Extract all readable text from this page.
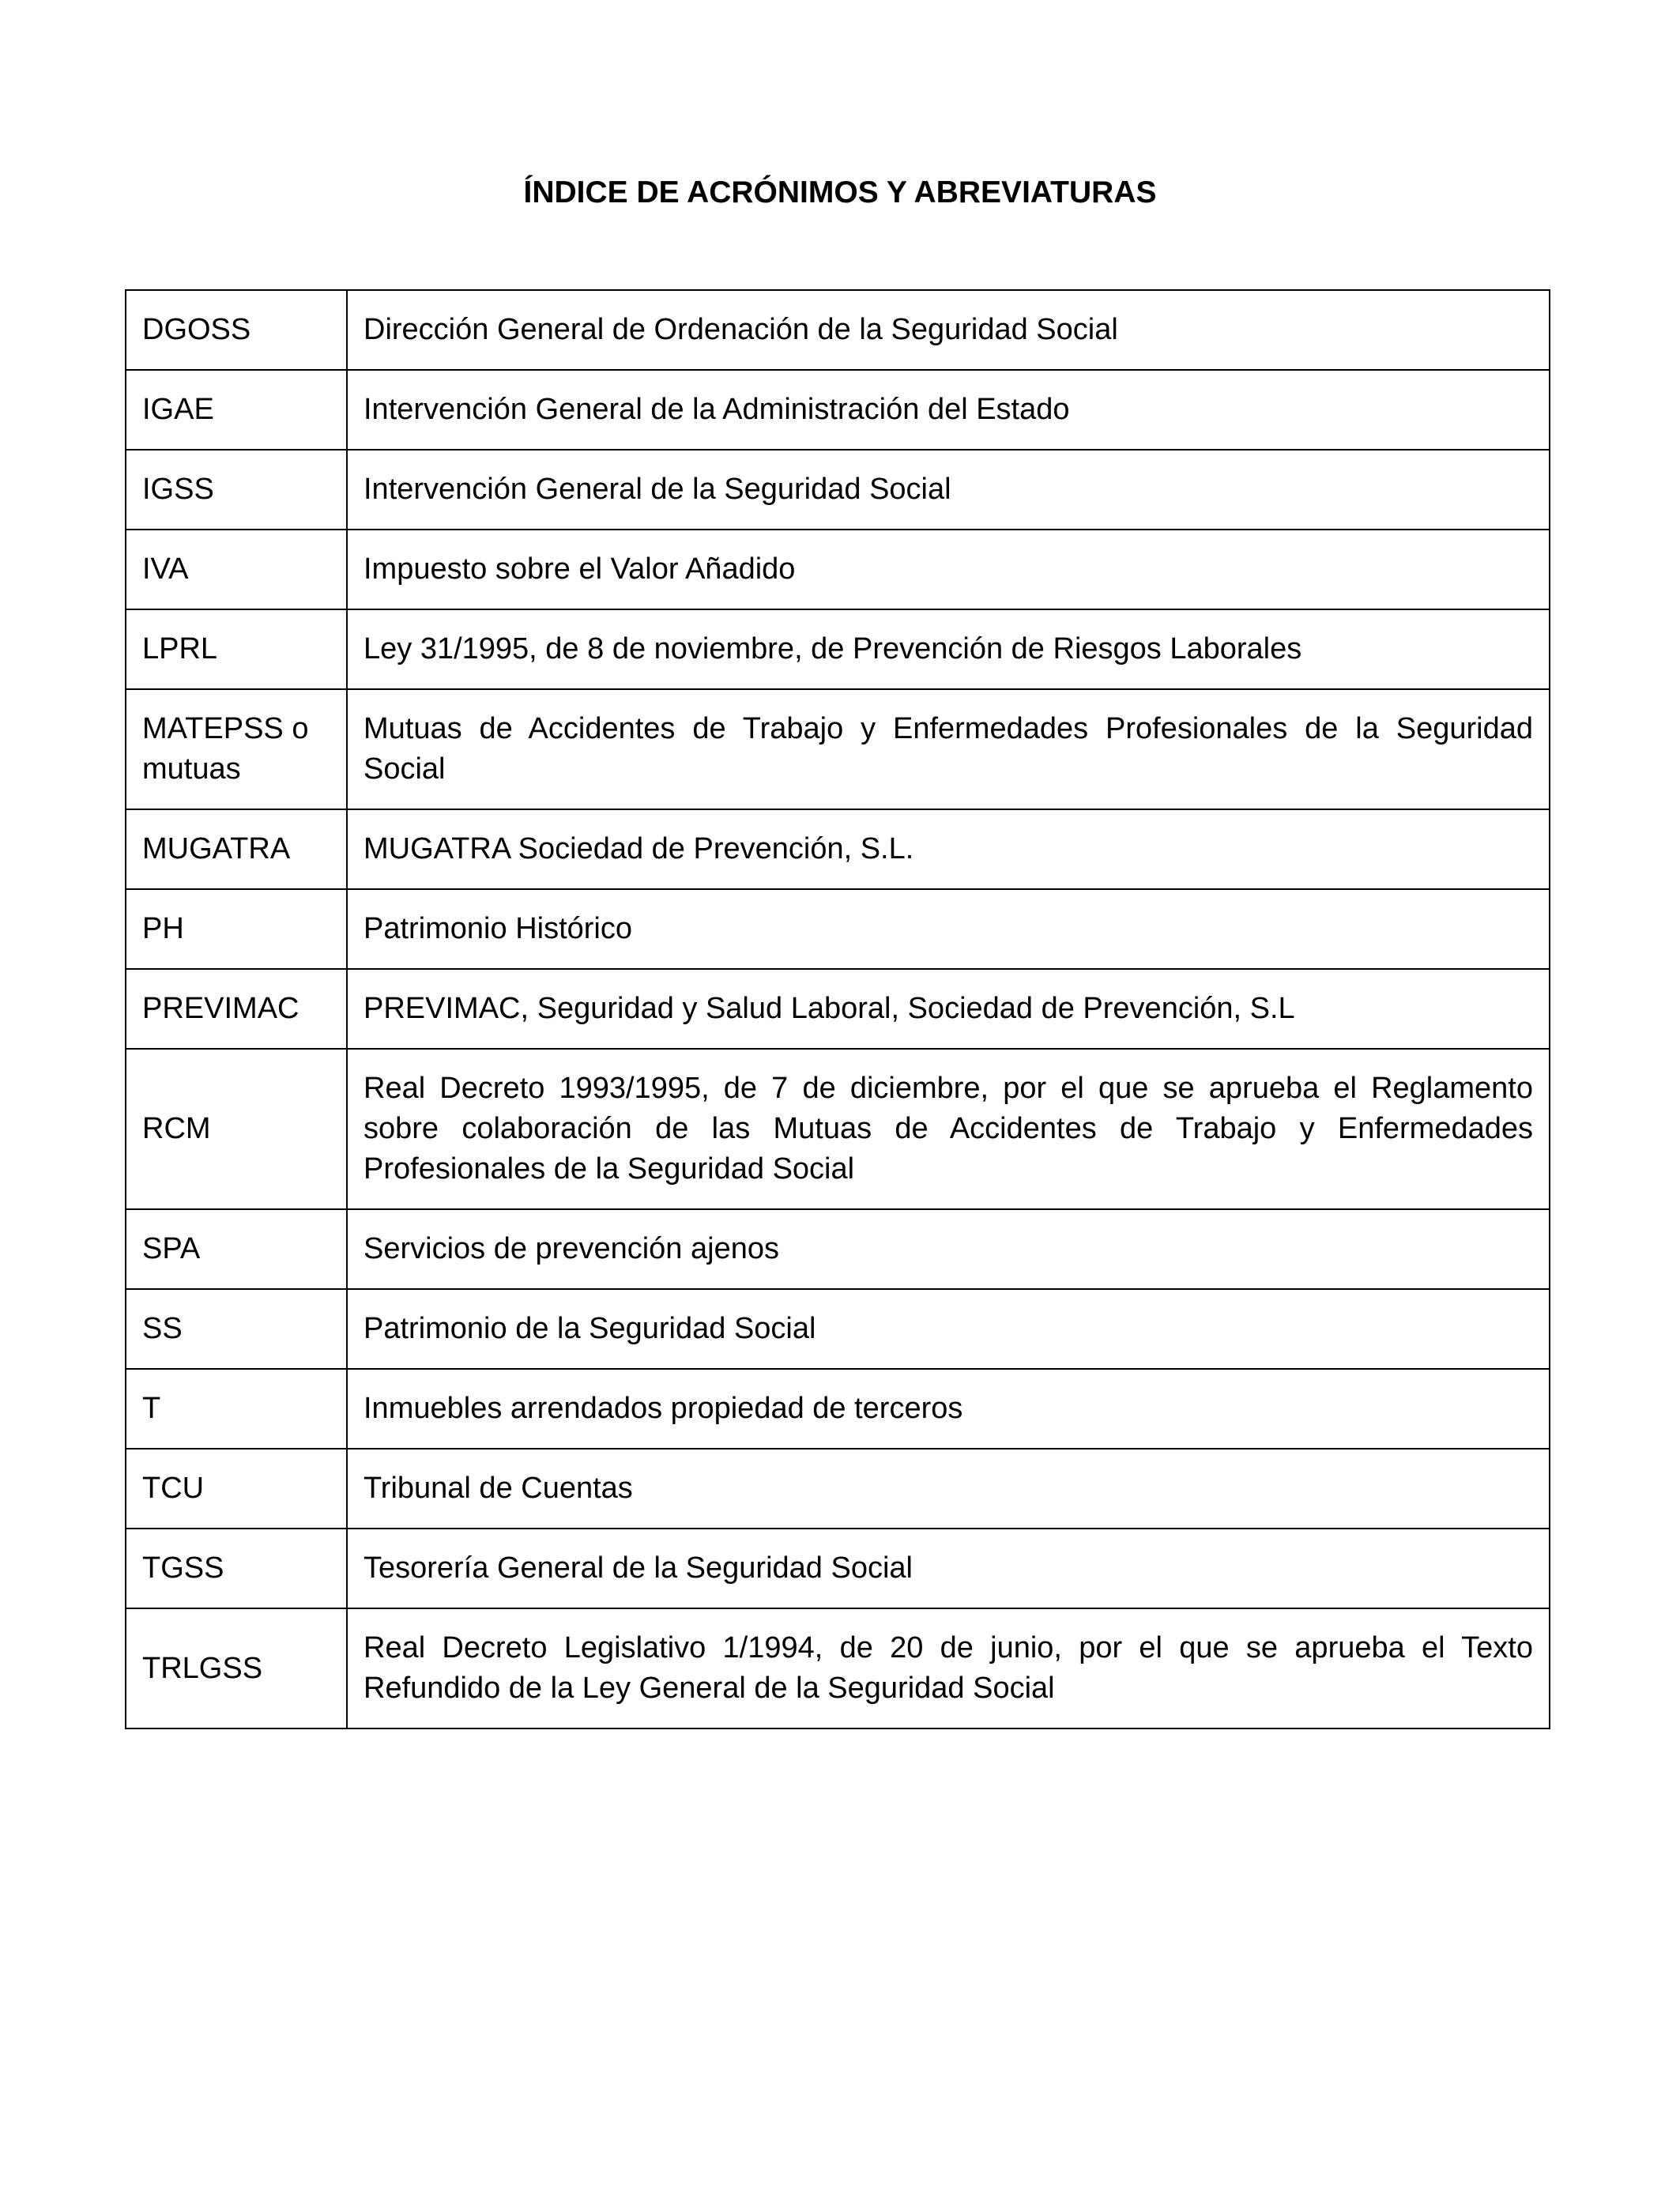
ÍNDICE DE ACRÓNIMOS Y ABREVIATURAS
DGOSS	Dirección General de Ordenación de la Seguridad Social
IGAE	Intervención General de la Administración del Estado
IGSS	Intervención General de la Seguridad Social
IVA	Impuesto sobre el Valor Añadido
LPRL	Ley 31/1995, de 8 de noviembre, de Prevención de Riesgos Laborales
MATEPSS o mutuas	Mutuas de Accidentes de Trabajo y Enfermedades Profesionales de la Seguridad Social
MUGATRA	MUGATRA Sociedad de Prevención, S.L.
PH	Patrimonio Histórico
PREVIMAC	PREVIMAC, Seguridad y Salud Laboral, Sociedad de Prevención, S.L
RCM	Real Decreto 1993/1995, de 7 de diciembre, por el que se aprueba el Reglamento sobre colaboración de las Mutuas de Accidentes de Trabajo y Enfermedades Profesionales de la Seguridad Social
SPA	Servicios de prevención ajenos
SS	Patrimonio de la Seguridad Social
T	Inmuebles arrendados propiedad de terceros
TCU	Tribunal de Cuentas
TGSS	Tesorería General de la Seguridad Social
TRLGSS	Real Decreto Legislativo 1/1994, de 20 de junio, por el que se aprueba el Texto Refundido de la Ley General de la Seguridad Social
